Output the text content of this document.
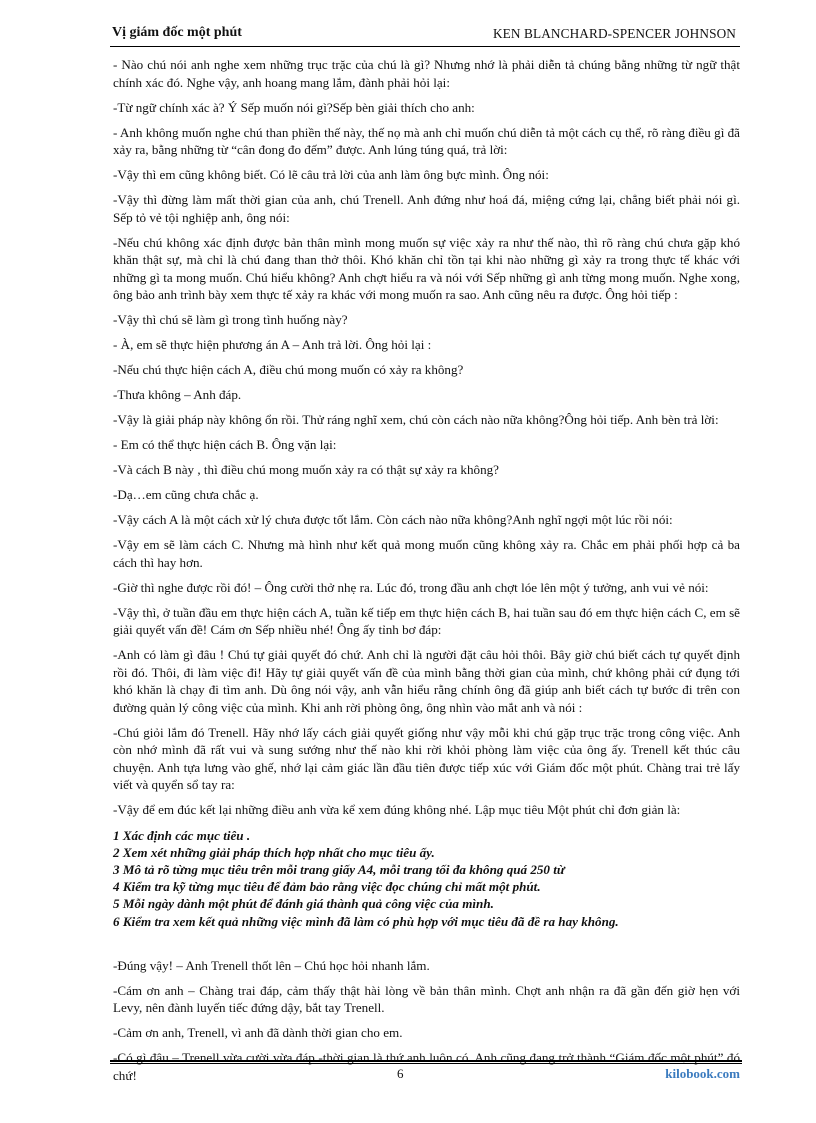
Vị giám đốc một phút	KEN BLANCHARD-SPENCER JOHNSON

- Nào chú nói anh nghe xem những trục trặc của chú là gì? Nhưng nhớ là phải diễn tả chúng bằng những từ ngữ thật chính xác đó. Nghe vậy, anh hoang mang lắm, đành phải hỏi lại:

-Từ ngữ chính xác à? Ý Sếp muốn nói gì?Sếp bèn giải thích cho anh:

- Anh không muốn nghe chú than phiền thế này, thế nọ mà anh chỉ muốn chú diễn tả một cách cụ thể, rõ ràng điều gì đã xảy ra, bằng những từ “cân đong đo đếm” được. Anh lúng túng quá, trả lời:

-Vậy thì em cũng không biết. Có lẽ câu trả lời của anh làm ông bực mình. Ông nói:

-Vậy thì đừng làm mất thời gian của anh, chú Trenell. Anh đứng như hoá đá, miệng cứng lại, chẳng biết phải nói gì. Sếp tỏ vẻ tội nghiệp anh, ông nói:

-Nếu chú không xác định được bản thân mình mong muốn sự việc xảy ra như thế nào, thì rõ ràng chú chưa gặp khó khăn thật sự, mà chỉ là chú đang than thở thôi. Khó khăn chỉ tồn tại khi nào những gì xảy ra trong thực tế khác với những gì ta mong muốn. Chú hiểu không? Anh chợt hiểu ra và nói với Sếp những gì anh từng mong muốn. Nghe xong, ông bảo anh trình bày xem thực tế xảy ra khác với mong muốn ra sao. Anh cũng nêu ra được. Ông hỏi tiếp :

-Vậy thì chú sẽ làm gì trong tình huống này?

- À, em sẽ thực hiện phương án A – Anh trả lời. Ông hỏi lại :

-Nếu chú thực hiện cách A, điều chú mong muốn có xảy ra không?

-Thưa không – Anh đáp.

-Vậy là giải pháp này không ổn rồi. Thử ráng nghĩ xem, chú còn cách nào nữa không?Ông hỏi tiếp. Anh bèn trả lời:

- Em có thể thực hiện cách B. Ông vặn lại:

-Và cách B này , thì điều chú mong muốn xảy ra có thật sự xảy ra không?

-Dạ…em cũng chưa chắc ạ.

-Vậy cách A là một cách xử lý chưa được tốt lắm. Còn cách nào nữa không?Anh nghĩ ngợi một lúc rồi nói:

-Vậy em sẽ làm cách C. Nhưng mà hình như kết quả mong muốn cũng không xảy ra. Chắc em phải phối hợp cả ba cách thì hay hơn.

-Giờ thì nghe được rồi đó! – Ông cười thở nhẹ ra. Lúc đó, trong đầu anh chợt lóe lên một ý tưởng, anh vui vẻ nói:

-Vậy thì, ở tuần đầu em thực hiện cách A, tuần kế tiếp em thực hiện cách B, hai tuần sau đó em thực hiện cách C, em sẽ giải quyết vấn đề! Cám ơn Sếp nhiều nhé! Ông ấy tỉnh bơ đáp:

-Anh có làm gì đâu ! Chú tự giải quyết đó chứ. Anh chỉ là người đặt câu hỏi thôi. Bây giờ chú biết cách tự quyết định rồi đó. Thôi, đi làm việc đi! Hãy tự giải quyết vấn đề của mình bằng thời gian của mình, chứ không phải cứ đụng tới khó khăn là chạy đi tìm anh. Dù ông nói vậy, anh vẫn hiểu rằng chính ông đã giúp anh biết cách tự bước đi trên con đường quản lý công việc của mình. Khi anh rời phòng ông, ông nhìn vào mắt anh và nói :

-Chú giỏi lắm đó Trenell. Hãy nhớ lấy cách giải quyết giống như vậy mỗi khi chú gặp trục trặc trong công việc. Anh còn nhớ mình đã rất vui và sung sướng như thế nào khi rời khỏi phòng làm việc của ông ấy. Trenell kết thúc câu chuyện. Anh tựa lưng vào ghế, nhớ lại cảm giác lần đầu tiên được tiếp xúc với Giám đốc một phút. Chàng trai trẻ lấy viết và quyển sổ tay ra:

-Vậy để em đúc kết lại những điều anh vừa kể xem đúng không nhé. Lập mục tiêu Một phút chỉ đơn giản là:

1 Xác định các mục tiêu .

2 Xem xét những giải pháp thích hợp nhất cho mục tiêu ấy.

3 Mô tả rõ từng mục tiêu trên mỗi trang giấy A4, mỗi trang tối đa không quá 250 từ

4 Kiểm tra kỹ từng mục tiêu để đảm bảo rằng việc đọc chúng chỉ mất một phút.

5 Mỗi ngày dành một phút để đánh giá thành quả công việc của mình.

6 Kiểm tra xem kết quả những việc mình đã làm có phù hợp với mục tiêu đã đề ra hay không.

-Đúng vậy! – Anh Trenell thốt lên – Chú học hỏi nhanh lắm.

-Cám ơn anh – Chàng trai đáp, cảm thấy thật hài lòng về bản thân mình. Chợt anh nhận ra đã gần đến giờ hẹn với Levy, nên đành luyến tiếc đứng dậy, bắt tay Trenell.

-Cảm ơn anh, Trenell, vì anh đã dành thời gian cho em.

-Có gì đâu – Trenell vừa cười vừa đáp -thời gian là thứ anh luôn có. Anh cũng đang trở thành “Giám đốc một phút” đó chứ!	6	kilobook.com
